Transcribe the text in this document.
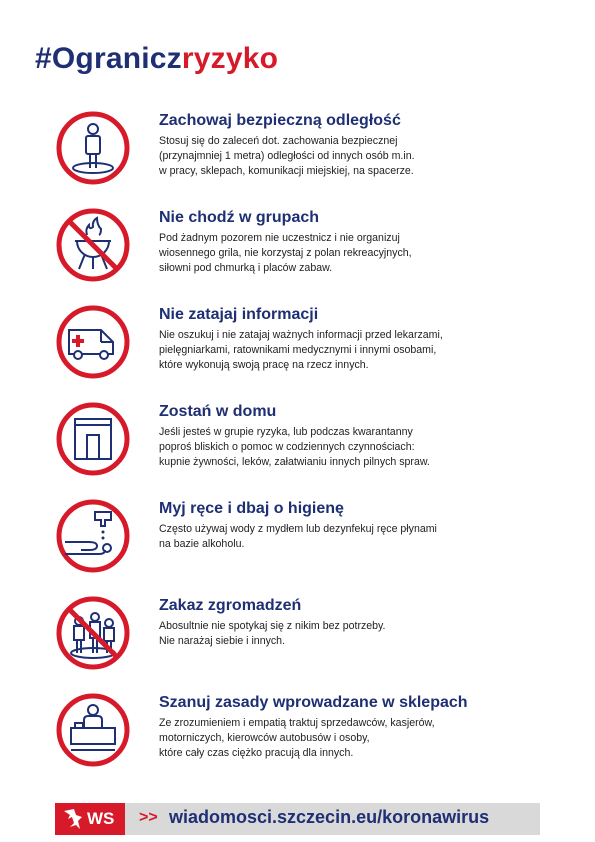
#Ograniczryzyko
Zachowaj bezpieczną odległość
Stosuj się do zaleceń dot. zachowania bezpiecznej
(przynajmniej 1 metra) odległości od innych osób m.in.
w pracy, sklepach, komunikacji miejskiej, na spacerze.
Nie chodź w grupach
Pod żadnym pozorem nie uczestnicz i nie organizuj
wiosennego grila, nie korzystaj z polan rekreacyjnych,
siłowni pod chmurką i placów zabaw.
Nie zatajaj informacji
Nie oszukuj i nie zatajaj ważnych informacji przed lekarzami,
pielęgniarkami, ratownikami medycznymi i innymi osobami,
które wykonują swoją pracę na rzecz innych.
Zostań w domu
Jeśli jesteś w grupie ryzyka, lub podczas kwarantanny
poproś bliskich o pomoc w codziennych czynnościach:
kupnie żywności, leków, załatwianiu innych pilnych spraw.
Myj ręce i dbaj o higienę
Często używaj wody z mydłem lub dezynfekuj ręce płynami
na bazie alkoholu.
Zakaz zgromadzeń
Abosultnie nie spotykaj się z nikim bez potrzeby.
Nie narażaj siebie i innych.
Szanuj zasady wprowadzane w sklepach
Ze zrozumieniem i empatią traktuj sprzedawców, kasjerów,
motorniczych, kierowców autobusów i osoby,
które cały czas ciężko pracują dla innych.
WS >> wiadomosci.szczecin.eu/koronawirus
